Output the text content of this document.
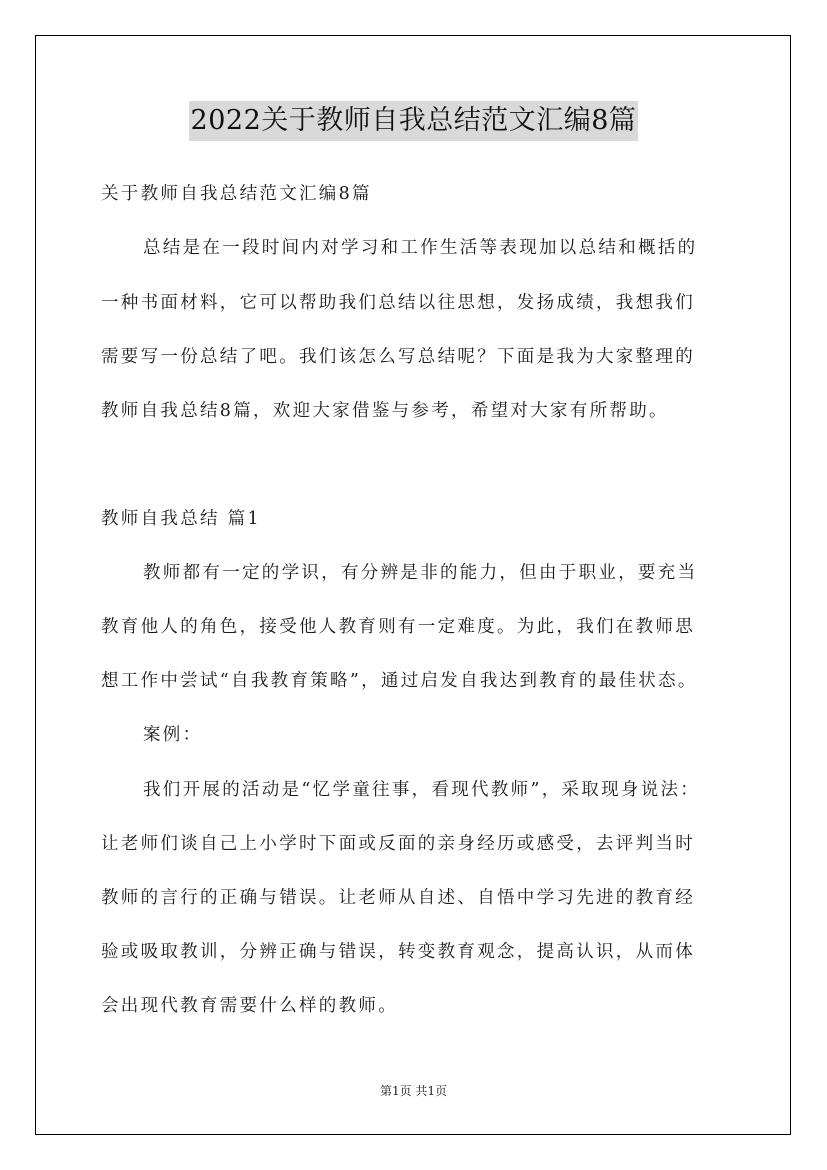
2022关于教师自我总结范文汇编8篇
关于教师自我总结范文汇编8篇
总结是在一段时间内对学习和工作生活等表现加以总结和概括的
一种书面材料，它可以帮助我们总结以往思想，发扬成绩，我想我们
需要写一份总结了吧。我们该怎么写总结呢？下面是我为大家整理的
教师自我总结8篇，欢迎大家借鉴与参考，希望对大家有所帮助。
教师自我总结 篇1
教师都有一定的学识，有分辨是非的能力，但由于职业，要充当
教育他人的角色，接受他人教育则有一定难度。为此，我们在教师思
想工作中尝试“自我教育策略”，通过启发自我达到教育的最佳状态。
案例：
我们开展的活动是“忆学童往事，看现代教师”，采取现身说法：
让老师们谈自己上小学时下面或反面的亲身经历或感受，去评判当时
教师的言行的正确与错误。让老师从自述、自悟中学习先进的教育经
验或吸取教训，分辨正确与错误，转变教育观念，提高认识，从而体
会出现代教育需要什么样的教师。
第1页 共1页
